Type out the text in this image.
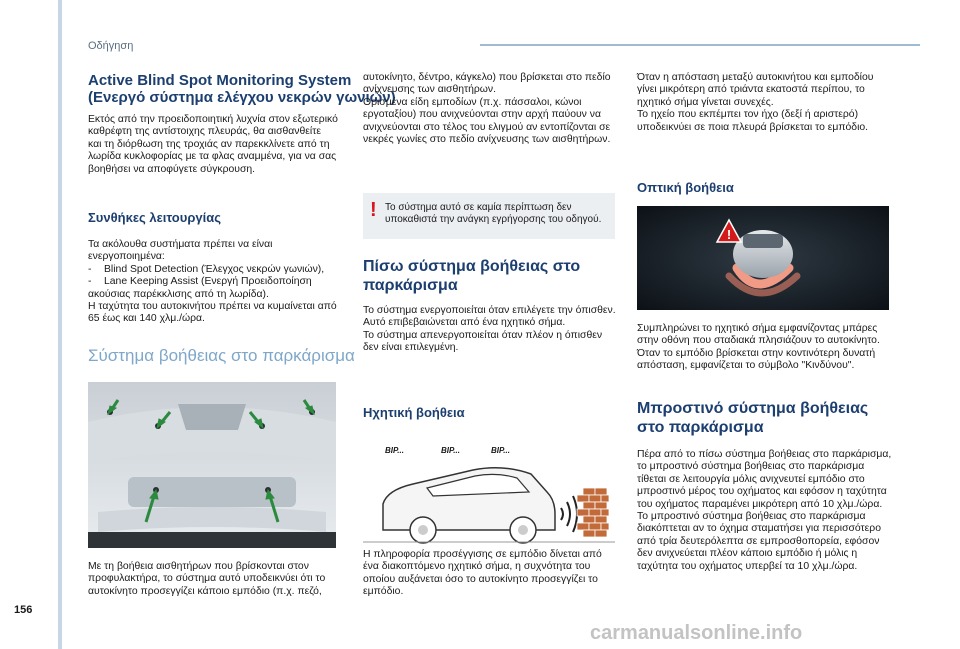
Οδήγηση
Active Blind Spot Monitoring System
(Ενεργό σύστημα ελέγχου νεκρών γωνιών)
Εκτός από την προειδοποιητική λυχνία στον εξωτερικό
καθρέφτη της αντίστοιχης πλευράς, θα αισθανθείτε
και τη διόρθωση της τροχιάς αν παρεκκλίνετε από τη
λωρίδα κυκλοφορίας με τα φλας αναμμένα, για να σας
βοηθήσει να αποφύγετε σύγκρουση.
Συνθήκες λειτουργίας
Τα ακόλουθα συστήματα πρέπει να είναι
ενεργοποιημένα:
- Blind Spot Detection (Έλεγχος νεκρών γωνιών),
- Lane Keeping Assist (Ενεργή Προειδοποίηση
ακούσιας παρέκκλισης από τη λωρίδα).
Η ταχύτητα του αυτοκινήτου πρέπει να κυμαίνεται από
65 έως και 140 χλμ./ώρα.
Σύστημα βοήθειας στο παρκάρισμα
Με τη βοήθεια αισθητήρων που βρίσκονται στον
προφυλακτήρα, το σύστημα αυτό υποδεικνύει ότι το
αυτοκίνητο προσεγγίζει κάποιο εμπόδιο (π.χ. πεζό,
αυτοκίνητο, δέντρο, κάγκελο) που βρίσκεται στο πεδίο
ανίχνευσης των αισθητήρων.
Ορισμένα είδη εμποδίων (π.χ. πάσσαλοι, κώνοι
εργοταξίου) που ανιχνεύονται στην αρχή παύουν να
ανιχνεύονται στο τέλος του ελιγμού αν εντοπίζονται σε
νεκρές γωνίες στο πεδίο ανίχνευσης των αισθητήρων.
! Το σύστημα αυτό σε καμία περίπτωση δεν
υποκαθιστά την ανάγκη εγρήγορσης του οδηγού.
Πίσω σύστημα βοήθειας στο
παρκάρισμα
Το σύστημα ενεργοποιείται όταν επιλέγετε την όπισθεν.
Αυτό επιβεβαιώνεται από ένα ηχητικό σήμα.
Το σύστημα απενεργοποιείται όταν πλέον η όπισθεν
δεν είναι επιλεγμένη.
Ηχητική βοήθεια
BIP...	BIP...	BIP...
Η πληροφορία προσέγγισης σε εμπόδιο δίνεται από
ένα διακοπτόμενο ηχητικό σήμα, η συχνότητα του
οποίου αυξάνεται όσο το αυτοκίνητο προσεγγίζει το
εμπόδιο.
Όταν η απόσταση μεταξύ αυτοκινήτου και εμποδίου
γίνει μικρότερη από τριάντα εκατοστά περίπου, το
ηχητικό σήμα γίνεται συνεχές.
Το ηχείο που εκπέμπει τον ήχο (δεξί ή αριστερό)
υποδεικνύει σε ποια πλευρά βρίσκεται το εμπόδιο.
Οπτική βοήθεια
!
Συμπληρώνει το ηχητικό σήμα εμφανίζοντας μπάρες
στην οθόνη που σταδιακά πλησιάζουν το αυτοκίνητο.
Όταν το εμπόδιο βρίσκεται στην κοντινότερη δυνατή
απόσταση, εμφανίζεται το σύμβολο "Κινδύνου".
Μπροστινό σύστημα βοήθειας
στο παρκάρισμα
Πέρα από το πίσω σύστημα βοήθειας στο παρκάρισμα,
το μπροστινό σύστημα βοήθειας στο παρκάρισμα
τίθεται σε λειτουργία μόλις ανιχνευτεί εμπόδιο στο
μπροστινό μέρος του οχήματος και εφόσον η ταχύτητα
του οχήματος παραμένει μικρότερη από 10 χλμ./ώρα.
Το μπροστινό σύστημα βοήθειας στο παρκάρισμα
διακόπτεται αν το όχημα σταματήσει για περισσότερο
από τρία δευτερόλεπτα σε εμπροσθοπορεία, εφόσον
δεν ανιχνεύεται πλέον κάποιο εμπόδιο ή μόλις η
ταχύτητα του οχήματος υπερβεί τα 10 χλμ./ώρα.
156
carmanualsonline.info
